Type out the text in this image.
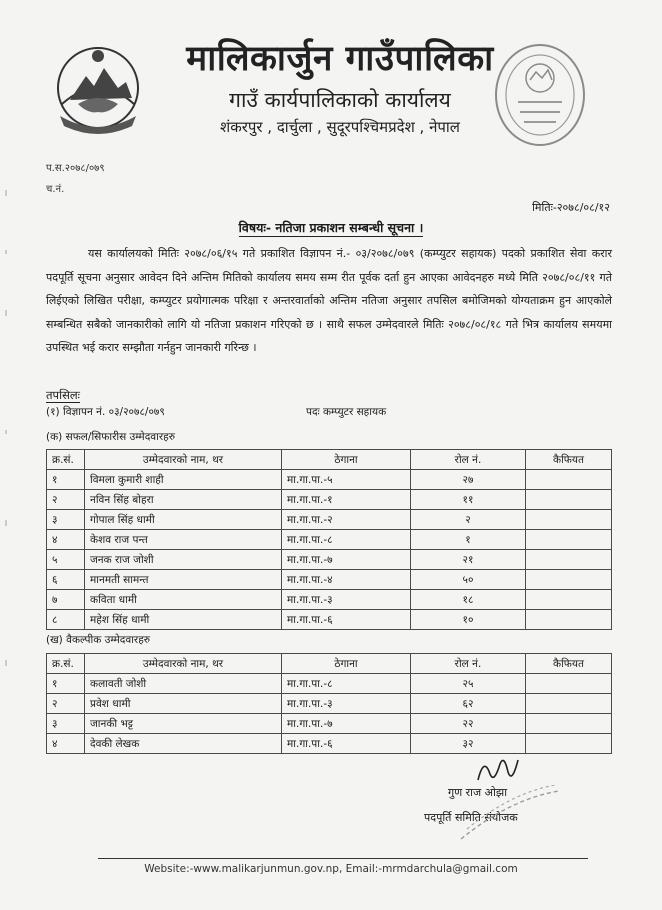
मालिकार्जुन गाउँपालिका
गाउँ कार्यपालिकाको कार्यालय
शंकरपुर , दार्चुला , सुदूरपश्चिमप्रदेश , नेपाल
प.स.२०७८/०७९
च.नं.
मितिः-२०७८/०८/१२
विषयः- नतिजा प्रकाशन सम्बन्धी सूचना ।
यस कार्यालयको मितिः २०७८/०६/१५ गते प्रकाशित विज्ञापन नं.- ०३/२०७८/०७९ (कम्प्युटर सहायक) पदको प्रकाशित सेवा करार पदपूर्ति सूचना अनुसार आवेदन दिने अन्तिम मितिको कार्यालय समय सम्म रीत पूर्वक दर्ता हुन आएका आवेदनहरु मध्ये मिति २०७८/०८/११ गते लिईएको लिखित परीक्षा, कम्प्युटर प्रयोगात्मक परिक्षा र अन्तरवार्ताको अन्तिम नतिजा अनुसार तपसिल बमोजिमको योग्यताक्रम हुन आएकोले सम्बन्धित सबैको जानकारीको लागि यो नतिजा प्रकाशन गरिएको छ । साथै सफल उम्मेदवारले मितिः २०७८/०८/१८ गते भित्र कार्यालय समयमा उपस्थित भई करार सम्झौता गर्नहुन जानकारी गरिन्छ ।
तपसिलः
(१) विज्ञापन नं. ०३/२०७८/०७९	पदः कम्प्युटर सहायक
(क) सफल/सिफारीस उम्मेदवारहरु
क्र.सं.	उम्मेदवारको नाम, थर	ठेगाना	रोल नं.	कैफियत
१	विमला कुमारी शाही	मा.गा.पा.-५	२७	
२	नविन सिंह बोहरा	मा.गा.पा.-१	११	
३	गोपाल सिंह धामी	मा.गा.पा.-२	२	
४	केशव राज पन्त	मा.गा.पा.-८	१	
५	जनक राज जोशी	मा.गा.पा.-७	२१	
६	मानमती सामन्त	मा.गा.पा.-४	५०	
७	कविता धामी	मा.गा.पा.-३	१८	
८	महेश सिंह धामी	मा.गा.पा.-६	१०	
(ख) वैकल्पीक उम्मेदवारहरु
क्र.सं.	उम्मेदवारको नाम, थर	ठेगाना	रोल नं.	कैफियत
१	कलावती जोशी	मा.गा.पा.-८	२५	
२	प्रवेश धामी	मा.गा.पा.-३	६२	
३	जानकी भट्ट	मा.गा.पा.-७	२२	
४	देवकी लेखक	मा.गा.पा.-६	३२	
गुण राज ओझा
पदपूर्ति समिति संयोजक
Website:-www.malikarjunmun.gov.np, Email:-mrmdarchula@gmail.com
